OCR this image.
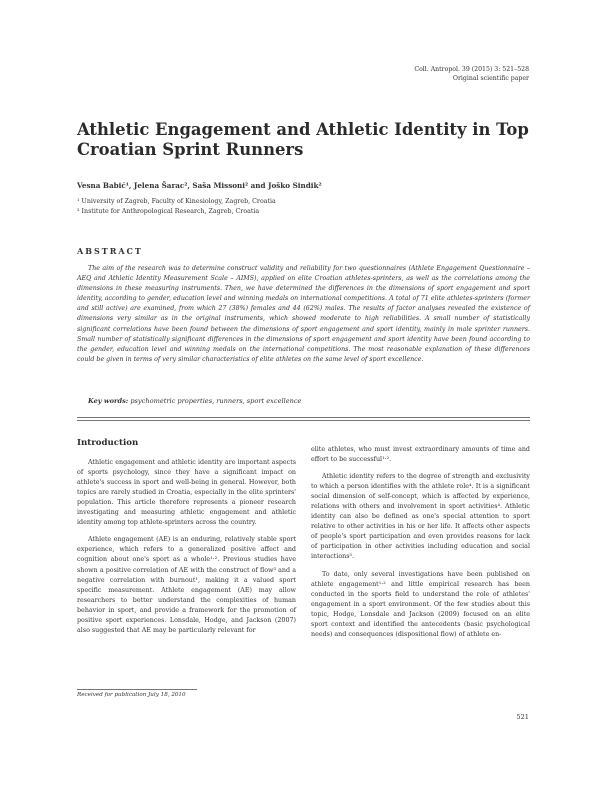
Coll. Antropol. 39 (2015) 3: 521–528
Original scientific paper
Athletic Engagement and Athletic Identity in Top Croatian Sprint Runners
Vesna Babić¹, Jelena Šarac², Saša Missoni² and Joško Sindik²
¹ University of Zagreb, Faculty of Kinesiology, Zagreb, Croatia
² Institute for Anthropological Research, Zagreb, Croatia
ABSTRACT

The aim of the research was to determine construct validity and reliability for two questionnaires (Athlete Engagement Questionnaire – AEQ and Athletic Identity Measurement Scale – AIMS), applied on elite Croatian athletes-sprinters, as well as the correlations among the dimensions in these measuring instruments. Then, we have determined the differences in the dimensions of sport engagement and sport identity, according to gender, education level and winning medals on international competitions. A total of 71 elite athletes-sprinters (former and still active) are examined, from which 27 (38%) females and 44 (62%) males. The results of factor analyses revealed the existence of dimensions very similar as in the original instruments, which showed moderate to high reliabilities. A small number of statistically significant correlations have been found between the dimensions of sport engagement and sport identity, mainly in male sprinter runners. Small number of statistically significant differences in the dimensions of sport engagement and sport identity have been found according to the gender, education level and winning medals on the international competitions. The most reasonable explanation of these differences could be given in terms of very similar characteristics of elite athletes on the same level of sport excellence.

Key words: psychometric properties, runners, sport excellence
Introduction

Athletic engagement and athletic identity are important aspects of sports psychology, since they have a significant impact on athlete's success in sport and well-being in general. However, both topics are rarely studied in Croatia, especially in the elite sprinters' population. This article therefore represents a pioneer research investigating and measuring athletic engagement and athletic identity among top athlete-sprinters across the country.

Athlete engagement (AE) is an enduring, relatively stable sport experience, which refers to a generalized positive affect and cognition about one's sport as a whole¹·². Previous studies have shown a positive correlation of AE with the construct of flow³ and a negative correlation with burnout¹, making it a valued sport specific measurement. Athlete engagement (AE) may allow researchers to better understand the complexities of human behavior in sport, and provide a framework for the promotion of positive sport experiences. Lonsdale, Hodge, and Jackson (2007) also suggested that AE may be particularly relevant for

elite athletes, who must invest extraordinary amounts of time and effort to be successful¹·².

Athletic identity refers to the degree of strength and exclusivity to which a person identifies with the athlete role⁴. It is a significant social dimension of self-concept, which is affected by experience, relations with others and involvement in sport activities⁴. Athletic identity can also be defined as one's special attention to sport relative to other activities in his or her life. It affects other aspects of people's sport participation and even provides reasons for lack of participation in other activities including education and social interactions⁵.

To date, only several investigations have been published on athlete engagement¹·² and little empirical research has been conducted in the sports field to understand the role of athletes' engagement in a sport environment. Of the few studies about this topic, Hodge, Lonsdale and Jackson (2009) focused on an elite sport context and identified the antecedents (basic psychological needs) and consequences (dispositional flow) of athlete en-

Received for publication July 18, 2010
521
